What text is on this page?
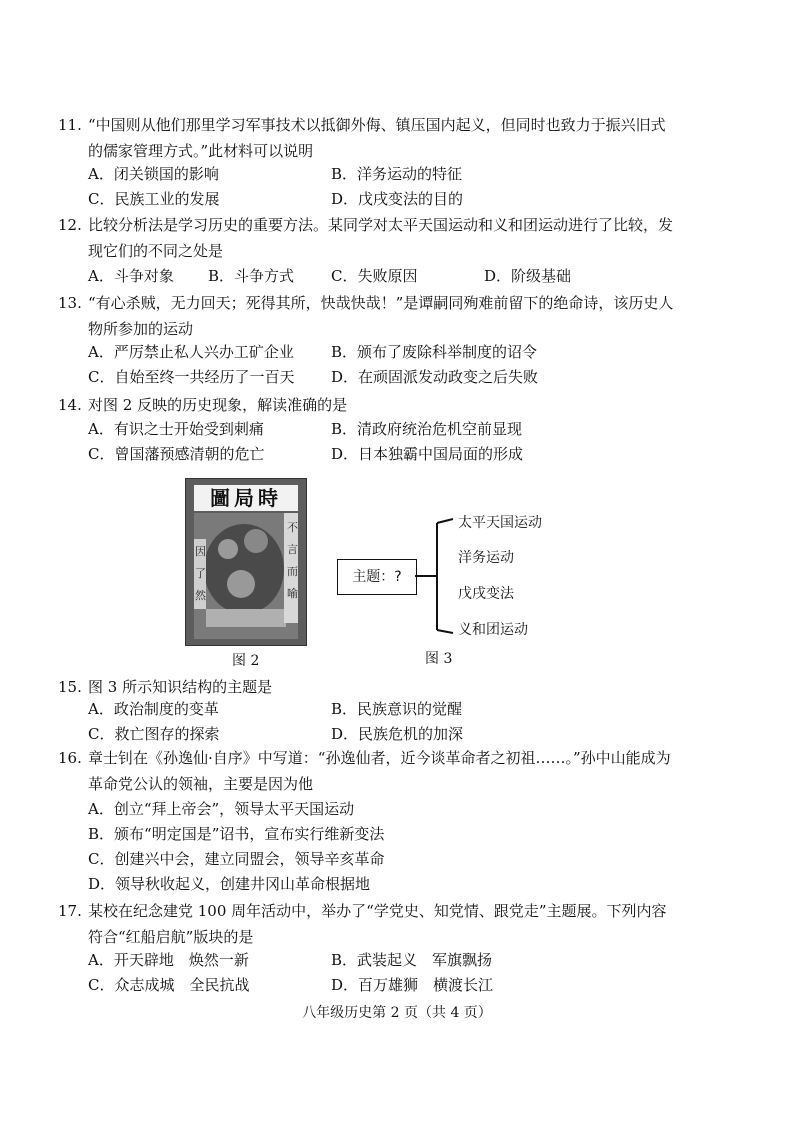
11. “中国则从他们那里学习军事技术以抵御外侮、镇压国内起义，但同时也致力于振兴旧式的儒家管理方式。”此材料可以说明
A．闭关锁国的影响	B．洋务运动的特征
C．民族工业的发展	D．戊戌变法的目的
12. 比较分析法是学习历史的重要方法。某同学对太平天国运动和义和团运动进行了比较，发现它们的不同之处是
A．斗争对象 B．斗争方式 C．失败原因	D．阶级基础
13. “有心杀贼，无力回天；死得其所，快哉快哉！”是谭嗣同殉难前留下的绝命诗，该历史人物所参加的运动
A．严厉禁止私人兴办工矿企业 B．颁布了废除科举制度的诏令
C．自始至终一共经历了一百天 D．在顽固派发动政变之后失败
14. 对图 2 反映的历史现象，解读准确的是
A．有识之士开始受到刺痛	B．清政府统治危机空前显现
C．曾国藩预感清朝的危亡	D．日本独霸中国局面的形成
圖局時
不言而喻
因了然
图 2
主题：?
太平天国运动
洋务运动
戊戌变法
义和团运动
图 3
15. 图 3 所示知识结构的主题是
A．政治制度的变革	B．民族意识的觉醒
C．救亡图存的探索	D．民族危机的加深
16. 章士钊在《孙逸仙·自序》中写道：“孙逸仙者，近今谈革命者之初祖……。”孙中山能成为革命党公认的领袖，主要是因为他
A．创立“拜上帝会”，领导太平天国运动
B．颁布“明定国是”诏书，宣布实行维新变法
C．创建兴中会，建立同盟会，领导辛亥革命
D．领导秋收起义，创建井冈山革命根据地
17. 某校在纪念建党 100 周年活动中，举办了“学党史、知党情、跟党走”主题展。下列内容符合“红船启航”版块的是
A．开天辟地　焕然一新	B．武装起义　军旗飘扬
C．众志成城　全民抗战	D．百万雄狮　横渡长江
八年级历史第 2 页（共 4 页）
